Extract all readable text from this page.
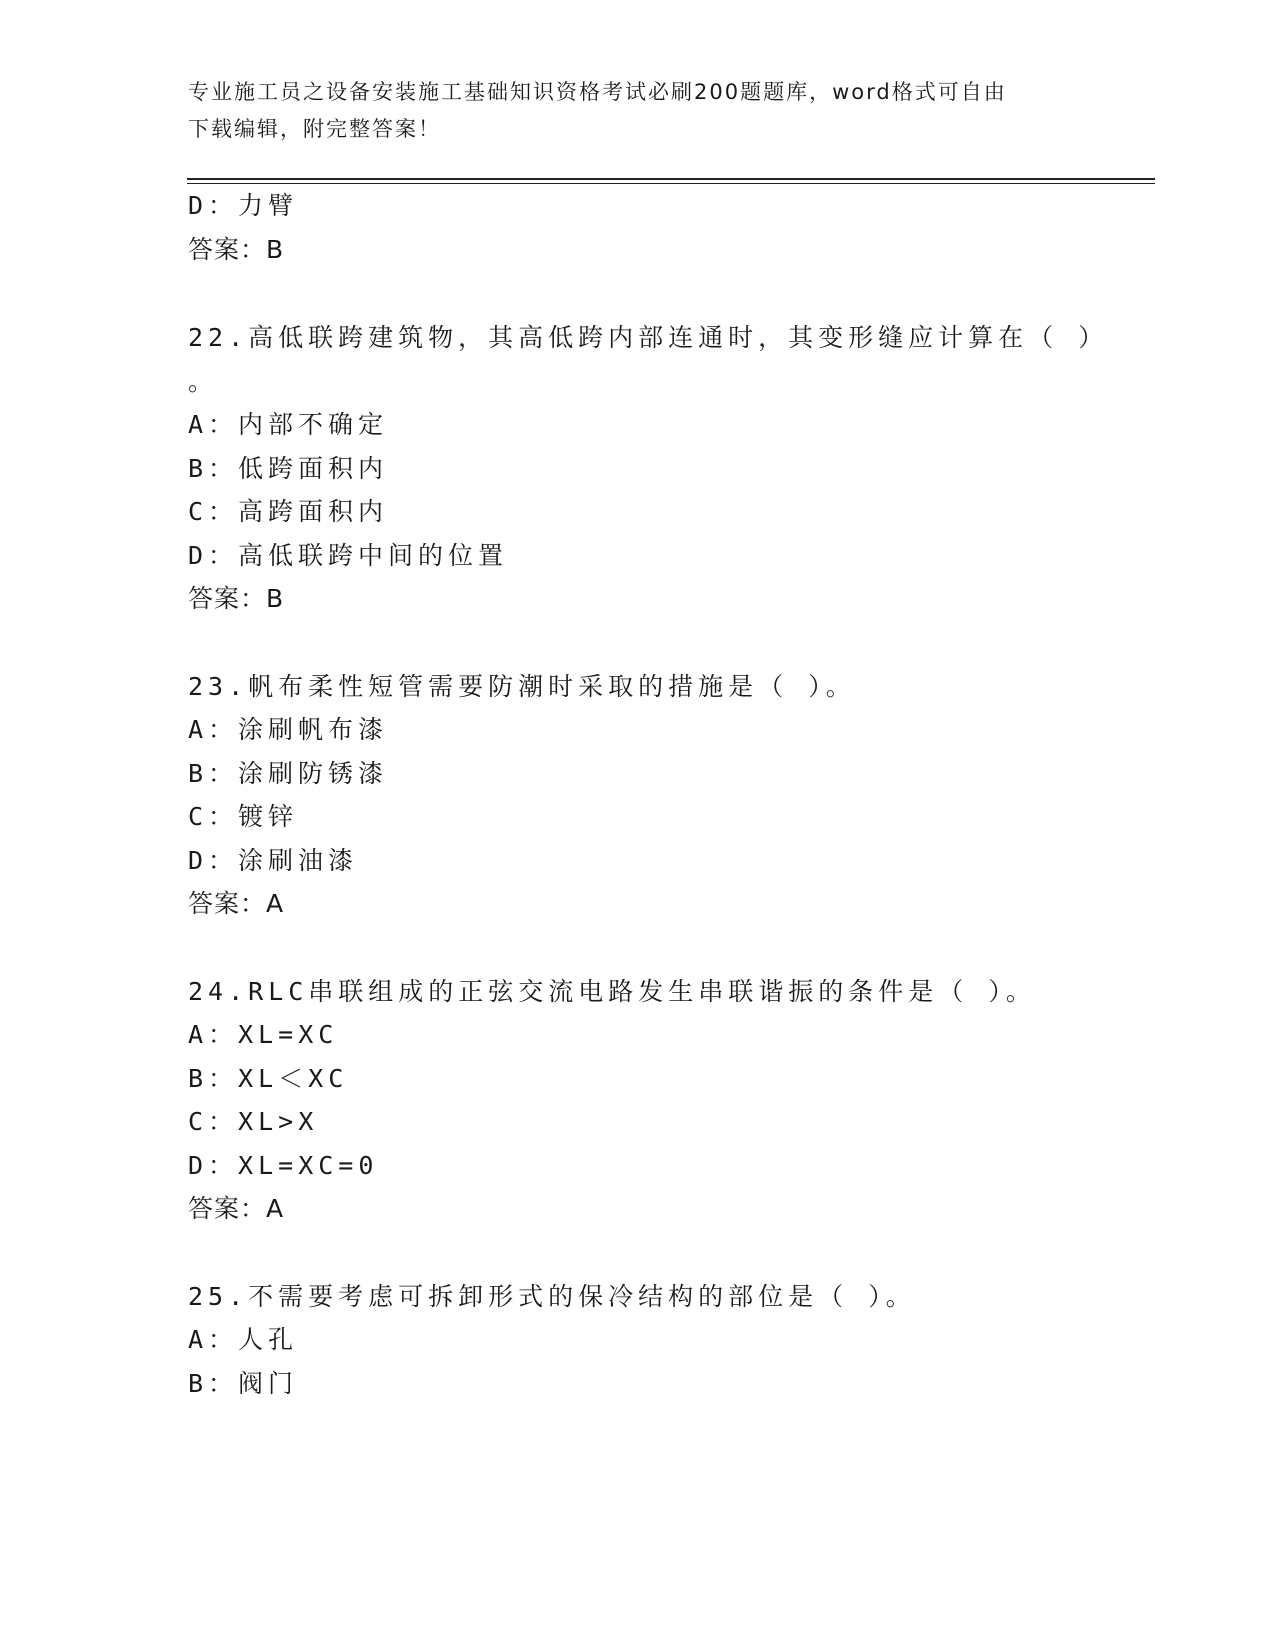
专业施工员之设备安装施工基础知识资格考试必刷200题题库，word格式可自由
下载编辑，附完整答案！
D：力臂
答案：B
22.高低联跨建筑物，其高低跨内部连通时，其变形缝应计算在（ ）
。
A：内部不确定
B：低跨面积内
C：高跨面积内
D：高低联跨中间的位置
答案：B
23.帆布柔性短管需要防潮时采取的措施是（ ）。
A：涂刷帆布漆
B：涂刷防锈漆
C：镀锌
D：涂刷油漆
答案：A
24.RLC串联组成的正弦交流电路发生串联谐振的条件是（ ）。
A：XL=XC
B：XL＜XC
C：XL>X
D：XL=XC=0
答案：A
25.不需要考虑可拆卸形式的保冷结构的部位是（ ）。
A：人孔
B：阀门
